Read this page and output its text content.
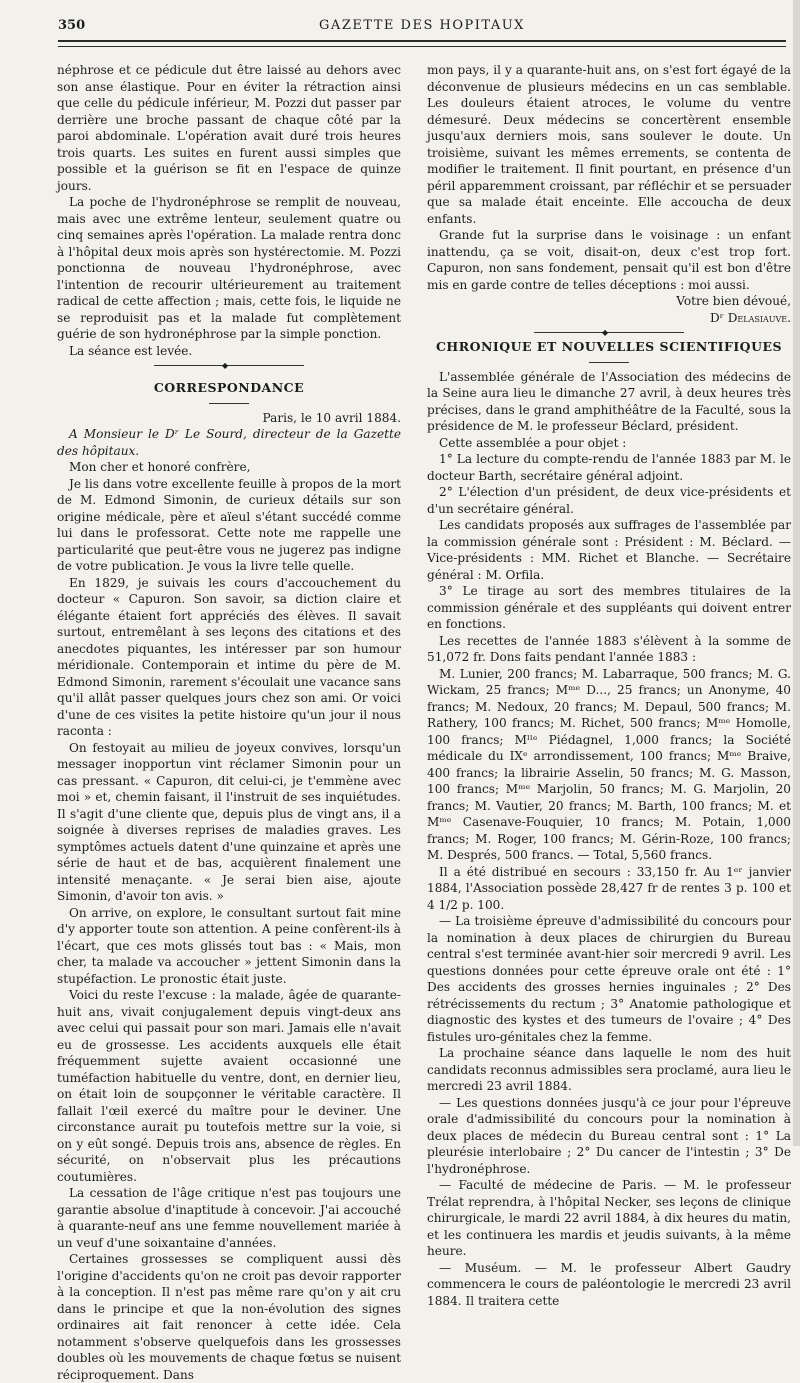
350	GAZETTE DES HOPITAUX

néphrose et ce pédicule dut être laissé au dehors avec son anse élastique. Pour en éviter la rétraction ainsi que celle du pédicule inférieur, M. Pozzi dut passer par derrière une broche passant de chaque côté par la paroi abdominale. L'opération avait duré trois heures trois quarts. Les suites en furent aussi simples que possible et la guérison se fit en l'espace de quinze jours.

La poche de l'hydronéphrose se remplit de nouveau, mais avec une extrême lenteur, seulement quatre ou cinq semaines après l'opération. La malade rentra donc à l'hôpital deux mois après son hystérectomie. M. Pozzi ponctionna de nouveau l'hydronéphrose, avec l'intention de recourir ultérieurement au traitement radical de cette affection ; mais, cette fois, le liquide ne se reproduisit pas et la malade fut complètement guérie de son hydronéphrose par la simple ponction.

La séance est levée.

◆

CORRESPONDANCE

Paris, le 10 avril 1884.

A Monsieur le Dʳ Le Sourd, directeur de la Gazette des hôpitaux.

Mon cher et honoré confrère,

Je lis dans votre excellente feuille à propos de la mort de M. Edmond Simonin, de curieux détails sur son origine médicale, père et aïeul s'étant succédé comme lui dans le professorat. Cette note me rappelle une particularité que peut-être vous ne jugerez pas indigne de votre publication. Je vous la livre telle quelle.

En 1829, je suivais les cours d'accouchement du docteur « Capuron. Son savoir, sa diction claire et élégante étaient fort appréciés des élèves. Il savait surtout, entremêlant à ses leçons des citations et des anecdotes piquantes, les intéresser par son humour méridionale. Contemporain et intime du père de M. Edmond Simonin, rarement s'écoulait une vacance sans qu'il allât passer quelques jours chez son ami. Or voici d'une de ces visites la petite histoire qu'un jour il nous raconta :

On festoyait au milieu de joyeux convives, lorsqu'un messager inopportun vint réclamer Simonin pour un cas pressant. « Capuron, dit celui-ci, je t'emmène avec moi » et, chemin faisant, il l'instruit de ses inquiétudes. Il s'agit d'une cliente que, depuis plus de vingt ans, il a soignée à diverses reprises de maladies graves. Les symptômes actuels datent d'une quinzaine et après une série de haut et de bas, acquièrent finalement une intensité menaçante. « Je serai bien aise, ajoute Simonin, d'avoir ton avis. »

On arrive, on explore, le consultant surtout fait mine d'y apporter toute son attention. A peine confèrent-ils à l'écart, que ces mots glissés tout bas : « Mais, mon cher, ta malade va accoucher » jettent Simonin dans la stupéfaction. Le pronostic était juste.

Voici du reste l'excuse : la malade, âgée de quarante-huit ans, vivait conjugalement depuis vingt-deux ans avec celui qui passait pour son mari. Jamais elle n'avait eu de grossesse. Les accidents auxquels elle était fréquemment sujette avaient occasionné une tuméfaction habituelle du ventre, dont, en dernier lieu, on était loin de soupçonner le véritable caractère. Il fallait l'œil exercé du maître pour le deviner. Une circonstance aurait pu toutefois mettre sur la voie, si on y eût songé. Depuis trois ans, absence de règles. En sécurité, on n'observait plus les précautions coutumières.

La cessation de l'âge critique n'est pas toujours une garantie absolue d'inaptitude à concevoir. J'ai accouché à quarante-neuf ans une femme nouvellement mariée à un veuf d'une soixantaine d'années.

Certaines grossesses se compliquent aussi dès l'origine d'accidents qu'on ne croit pas devoir rapporter à la conception. Il n'est pas même rare qu'on y ait cru dans le principe et que la non-évolution des signes ordinaires ait fait renoncer à cette idée. Cela notamment s'observe quelquefois dans les grossesses doubles où les mouvements de chaque fœtus se nuisent réciproquement. Dans

mon pays, il y a quarante-huit ans, on s'est fort égayé de la déconvenue de plusieurs médecins en un cas semblable. Les douleurs étaient atroces, le volume du ventre démesuré. Deux médecins se concertèrent ensemble jusqu'aux derniers mois, sans soulever le doute. Un troisième, suivant les mêmes errements, se contenta de modifier le traitement. Il finit pourtant, en présence d'un péril apparemment croissant, par réfléchir et se persuader que sa malade était enceinte. Elle accoucha de deux enfants.

Grande fut la surprise dans le voisinage : un enfant inattendu, ça se voit, disait-on, deux c'est trop fort. Capuron, non sans fondement, pensait qu'il est bon d'être mis en garde contre de telles déceptions : moi aussi.

Votre bien dévoué,

Dʳ Delasiauve.

◆

CHRONIQUE ET NOUVELLES SCIENTIFIQUES

L'assemblée générale de l'Association des médecins de la Seine aura lieu le dimanche 27 avril, à deux heures très précises, dans le grand amphithéâtre de la Faculté, sous la présidence de M. le professeur Béclard, président.

Cette assemblée a pour objet :

1° La lecture du compte-rendu de l'année 1883 par M. le docteur Barth, secrétaire général adjoint.

2° L'élection d'un président, de deux vice-présidents et d'un secrétaire général.

Les candidats proposés aux suffrages de l'assemblée par la commission générale sont : Président : M. Béclard. — Vice-présidents : MM. Richet et Blanche. — Secrétaire général : M. Orfila.

3° Le tirage au sort des membres titulaires de la commission générale et des suppléants qui doivent entrer en fonctions.

Les recettes de l'année 1883 s'élèvent à la somme de 51,072 fr. Dons faits pendant l'année 1883 :

M. Lunier, 200 francs; M. Labarraque, 500 francs; M. G. Wickam, 25 francs; Mᵐᵉ D..., 25 francs; un Anonyme, 40 francs; M. Nedoux, 20 francs; M. Depaul, 500 francs; M. Rathery, 100 francs; M. Richet, 500 francs; Mᵐᵉ Homolle, 100 francs; Mˡˡᵉ Piédagnel, 1,000 francs; la Société médicale du IXᵉ arrondissement, 100 francs; Mᵐᵉ Braive, 400 francs; la librairie Asselin, 50 francs; M. G. Masson, 100 francs; Mᵐᵉ Marjolin, 50 francs; M. G. Marjolin, 20 francs; M. Vautier, 20 francs; M. Barth, 100 francs; M. et Mᵐᵉ Casenave-Fouquier, 10 francs; M. Potain, 1,000 francs; M. Roger, 100 francs; M. Gérin-Roze, 100 francs; M. Després, 500 francs. — Total, 5,560 francs.

Il a été distribué en secours : 33,150 fr. Au 1ᵉʳ janvier 1884, l'Association possède 28,427 fr de rentes 3 p. 100 et 4 1/2 p. 100.

— La troisième épreuve d'admissibilité du concours pour la nomination à deux places de chirurgien du Bureau central s'est terminée avant-hier soir mercredi 9 avril. Les questions données pour cette épreuve orale ont été : 1° Des accidents des grosses hernies inguinales ; 2° Des rétrécissements du rectum ; 3° Anatomie pathologique et diagnostic des kystes et des tumeurs de l'ovaire ; 4° Des fistules uro-génitales chez la femme.

La prochaine séance dans laquelle le nom des huit candidats reconnus admissibles sera proclamé, aura lieu le mercredi 23 avril 1884.

— Les questions données jusqu'à ce jour pour l'épreuve orale d'admissibilité du concours pour la nomination à deux places de médecin du Bureau central sont : 1° La pleurésie interlobaire ; 2° Du cancer de l'intestin ; 3° De l'hydronéphrose.

— Faculté de médecine de Paris. — M. le professeur Trélat reprendra, à l'hôpital Necker, ses leçons de clinique chirurgicale, le mardi 22 avril 1884, à dix heures du matin, et les continuera les mardis et jeudis suivants, à la même heure.

— Muséum. — M. le professeur Albert Gaudry commencera le cours de paléontologie le mercredi 23 avril 1884. Il traitera cette
